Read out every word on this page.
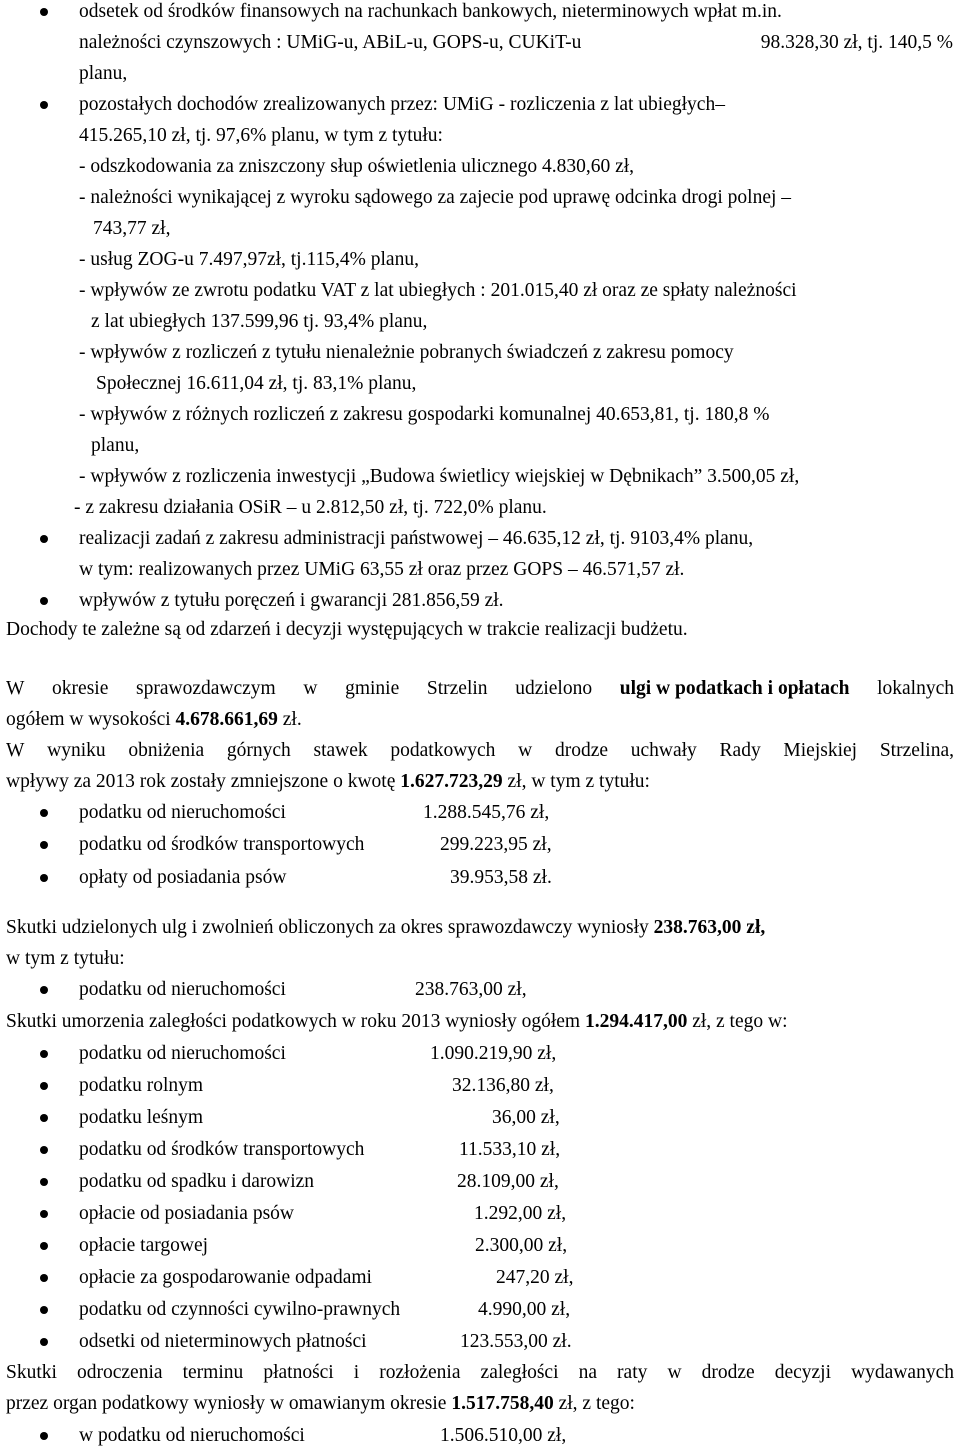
odsetek od środków finansowych na rachunkach bankowych, nieterminowych wpłat m.in.
należności czynszowych : UMiG-u, ABiL-u, GOPS-u, CUKiT-u	98.328,30 zł, tj. 140,5 %
planu,
pozostałych dochodów zrealizowanych przez: UMiG - rozliczenia z lat ubiegłych–
415.265,10 zł, tj. 97,6% planu, w tym z tytułu:
- odszkodowania za zniszczony słup oświetlenia ulicznego 4.830,60 zł,
- należności wynikającej z wyroku sądowego za zajecie pod uprawę odcinka drogi polnej –
743,77 zł,
- usług ZOG-u 7.497,97zł, tj.115,4% planu,
- wpływów ze zwrotu podatku VAT z lat ubiegłych : 201.015,40 zł oraz ze spłaty należności
z lat ubiegłych 137.599,96 tj. 93,4% planu,
- wpływów z rozliczeń z tytułu nienależnie pobranych świadczeń z zakresu pomocy
Społecznej 16.611,04 zł, tj. 83,1% planu,
- wpływów z różnych rozliczeń z zakresu gospodarki komunalnej 40.653,81, tj. 180,8 %
planu,
- wpływów z rozliczenia inwestycji „Budowa świetlicy wiejskiej w Dębnikach” 3.500,05 zł,
- z zakresu działania OSiR – u 2.812,50 zł, tj. 722,0% planu.
realizacji zadań z zakresu administracji państwowej – 46.635,12 zł, tj. 9103,4% planu,
w tym: realizowanych przez UMiG 63,55 zł oraz przez GOPS – 46.571,57 zł.
wpływów z tytułu poręczeń i gwarancji 281.856,59 zł.
Dochody te zależne są od zdarzeń i decyzji występujących w trakcie realizacji budżetu.
W okresie sprawozdawczym w gminie Strzelin udzielono ulgi w podatkach i opłatach lokalnych
ogółem w wysokości 4.678.661,69 zł.
W wyniku obniżenia górnych stawek podatkowych w drodze uchwały Rady Miejskiej Strzelina,
wpływy za 2013 rok zostały zmniejszone o kwotę 1.627.723,29 zł, w tym z tytułu:
podatku od nieruchomości	1.288.545,76 zł,
podatku od środków transportowych	299.223,95 zł,
opłaty od posiadania psów	39.953,58 zł.
Skutki udzielonych ulg i zwolnień obliczonych za okres sprawozdawczy wyniosły 238.763,00 zł,
w tym z tytułu:
podatku od nieruchomości	238.763,00 zł,
Skutki umorzenia zaległości podatkowych w roku 2013 wyniosły ogółem 1.294.417,00 zł, z tego w:
podatku od nieruchomości	1.090.219,90 zł,
podatku rolnym	32.136,80 zł,
podatku leśnym	36,00 zł,
podatku od środków transportowych	11.533,10 zł,
podatku od spadku i darowizn	28.109,00 zł,
opłacie od posiadania psów	1.292,00 zł,
opłacie targowej	2.300,00 zł,
opłacie za gospodarowanie odpadami	247,20 zł,
podatku od czynności cywilno-prawnych	4.990,00 zł,
odsetki od nieterminowych płatności	123.553,00 zł.
Skutki odroczenia terminu płatności i rozłożenia zaległości na raty w drodze decyzji wydawanych
przez organ podatkowy wyniosły w omawianym okresie 1.517.758,40 zł, z tego:
w podatku od nieruchomości	1.506.510,00 zł,
